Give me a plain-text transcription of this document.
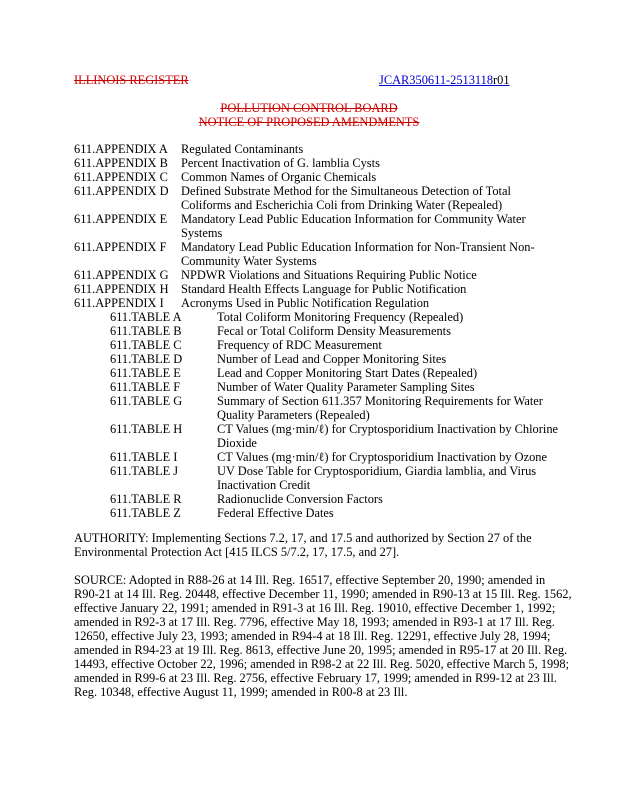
ILLINOIS REGISTER	JCAR350611-2513118r01
POLLUTION CONTROL BOARD
NOTICE OF PROPOSED AMENDMENTS
611.APPENDIX A Regulated Contaminants
611.APPENDIX B Percent Inactivation of G. lamblia Cysts
611.APPENDIX C Common Names of Organic Chemicals
611.APPENDIX D Defined Substrate Method for the Simultaneous Detection of Total Coliforms and Escherichia Coli from Drinking Water (Repealed)
611.APPENDIX E Mandatory Lead Public Education Information for Community Water Systems
611.APPENDIX F Mandatory Lead Public Education Information for Non-Transient Non-Community Water Systems
611.APPENDIX G NPDWR Violations and Situations Requiring Public Notice
611.APPENDIX H Standard Health Effects Language for Public Notification
611.APPENDIX I Acronyms Used in Public Notification Regulation
611.TABLE A	Total Coliform Monitoring Frequency (Repealed)
611.TABLE B	Fecal or Total Coliform Density Measurements
611.TABLE C	Frequency of RDC Measurement
611.TABLE D	Number of Lead and Copper Monitoring Sites
611.TABLE E	Lead and Copper Monitoring Start Dates (Repealed)
611.TABLE F	Number of Water Quality Parameter Sampling Sites
611.TABLE G	Summary of Section 611.357 Monitoring Requirements for Water Quality Parameters (Repealed)
611.TABLE H	CT Values (mg·min/ℓ) for Cryptosporidium Inactivation by Chlorine Dioxide
611.TABLE I	CT Values (mg·min/ℓ) for Cryptosporidium Inactivation by Ozone
611.TABLE J	UV Dose Table for Cryptosporidium, Giardia lamblia, and Virus Inactivation Credit
611.TABLE R	Radionuclide Conversion Factors
611.TABLE Z	Federal Effective Dates
AUTHORITY: Implementing Sections 7.2, 17, and 17.5 and authorized by Section 27 of the Environmental Protection Act [415 ILCS 5/7.2, 17, 17.5, and 27].
SOURCE: Adopted in R88-26 at 14 Ill. Reg. 16517, effective September 20, 1990; amended in R90-21 at 14 Ill. Reg. 20448, effective December 11, 1990; amended in R90-13 at 15 Ill. Reg. 1562, effective January 22, 1991; amended in R91-3 at 16 Ill. Reg. 19010, effective December 1, 1992; amended in R92-3 at 17 Ill. Reg. 7796, effective May 18, 1993; amended in R93-1 at 17 Ill. Reg. 12650, effective July 23, 1993; amended in R94-4 at 18 Ill. Reg. 12291, effective July 28, 1994; amended in R94-23 at 19 Ill. Reg. 8613, effective June 20, 1995; amended in R95-17 at 20 Ill. Reg. 14493, effective October 22, 1996; amended in R98-2 at 22 Ill. Reg. 5020, effective March 5, 1998; amended in R99-6 at 23 Ill. Reg. 2756, effective February 17, 1999; amended in R99-12 at 23 Ill. Reg. 10348, effective August 11, 1999; amended in R00-8 at 23 Ill.
